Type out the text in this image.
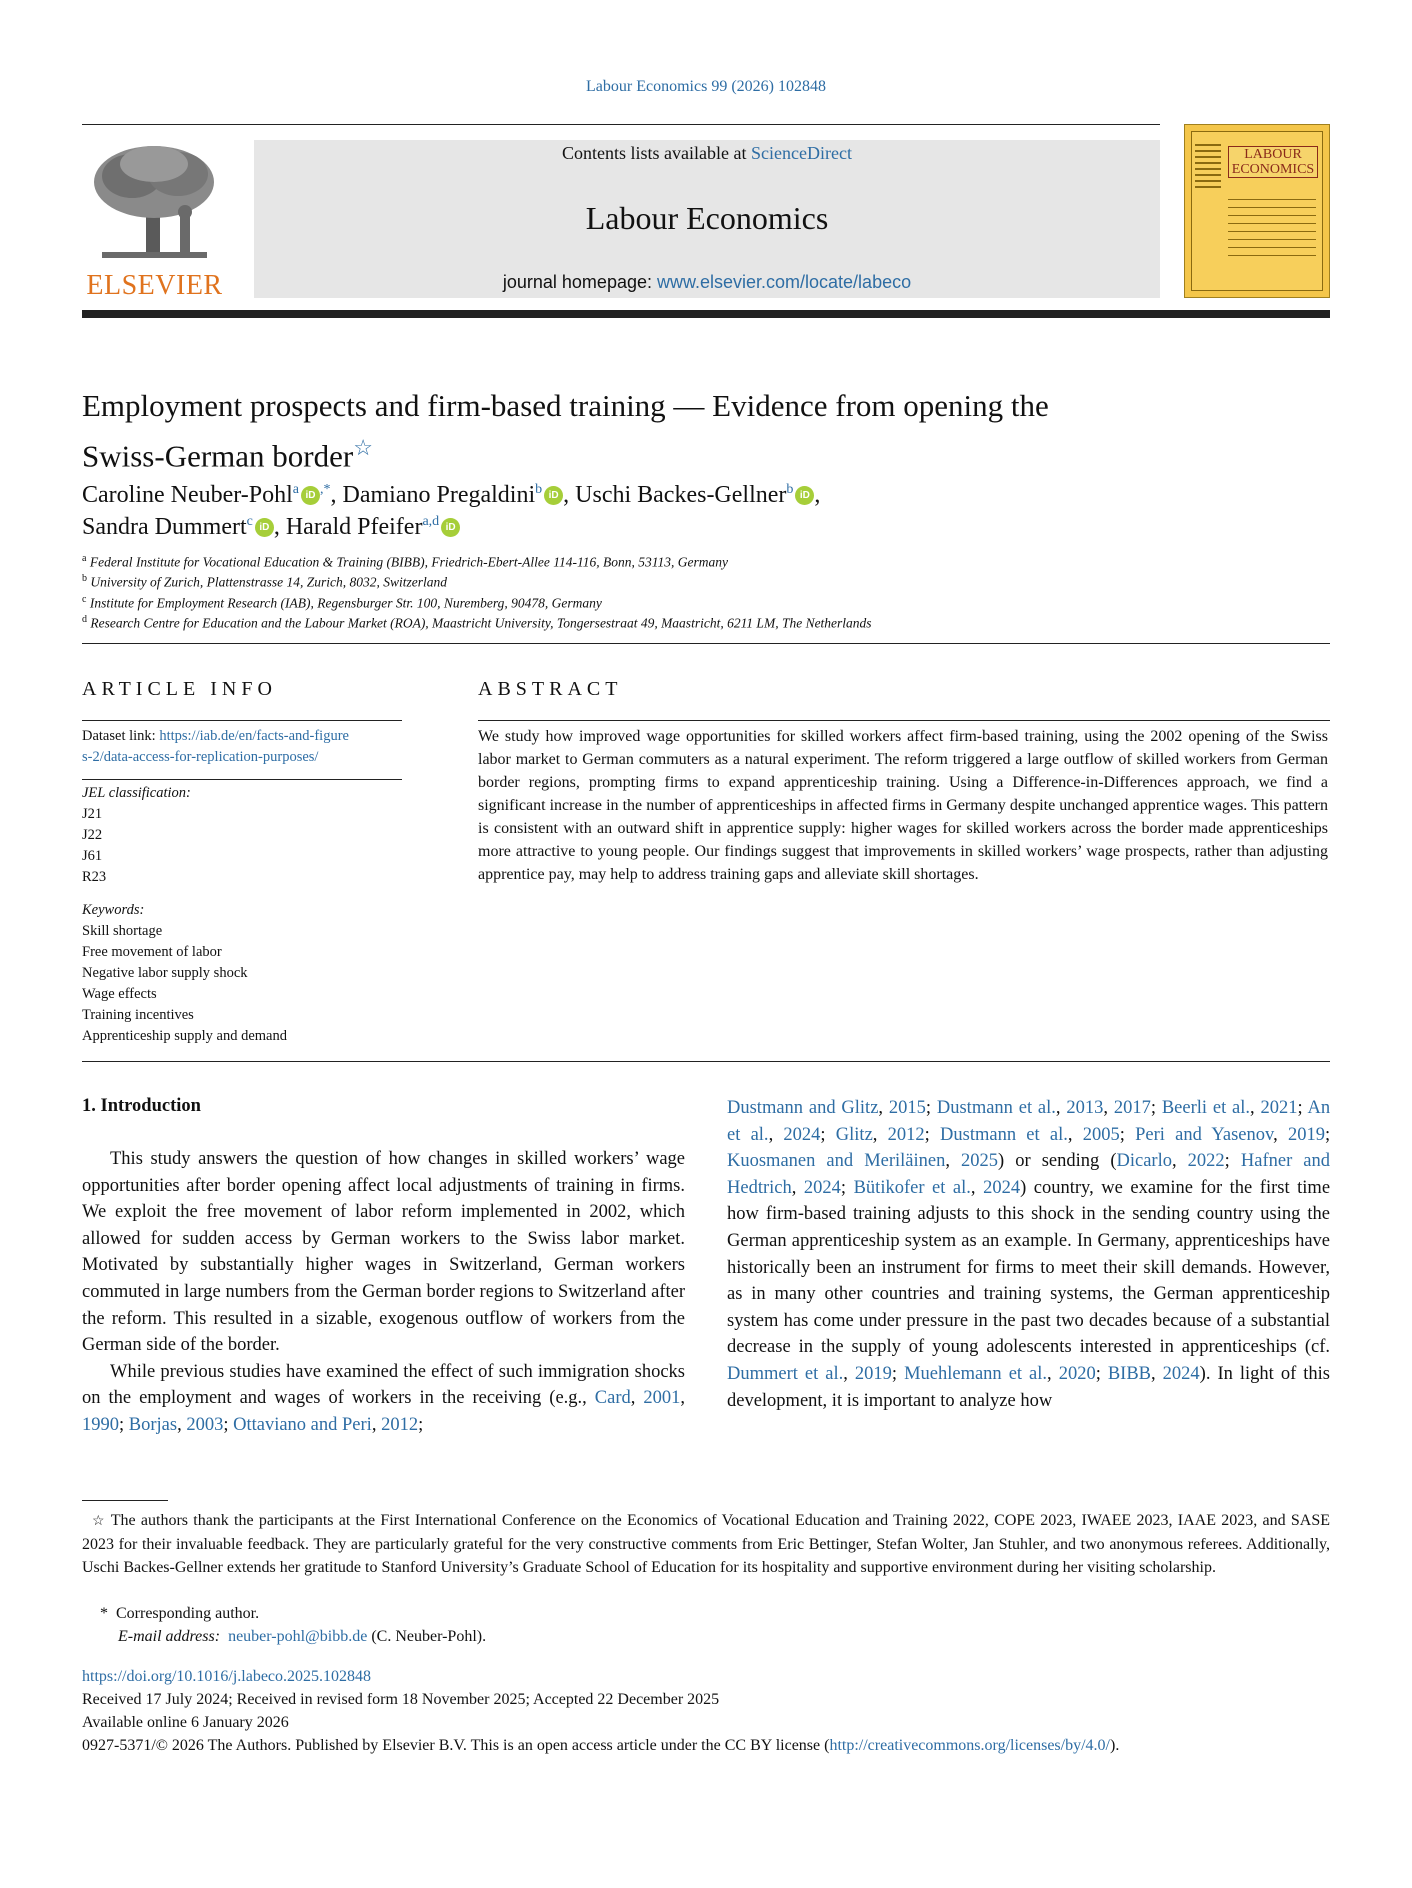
Labour Economics 99 (2026) 102848
ELSEVIER
Contents lists available at ScienceDirect
Labour Economics
journal homepage: www.elsevier.com/locate/labeco
LABOUR
ECONOMICS
Employment prospects and firm-based training — Evidence from opening the
Swiss-German border☆
Caroline Neuber-Pohl$^a$ iD ,*, Damiano Pregaldini$^b$ iD , Uschi Backes-Gellner$^b$ iD ,
Sandra Dummert$^c$ iD , Harald Pfeifer$^{a,d}$ iD
$^a$ Federal Institute for Vocational Education & Training (BIBB), Friedrich-Ebert-Allee 114-116, Bonn, 53113, Germany
$^b$ University of Zurich, Plattenstrasse 14, Zurich, 8032, Switzerland
$^c$ Institute for Employment Research (IAB), Regensburger Str. 100, Nuremberg, 90478, Germany
$^d$ Research Centre for Education and the Labour Market (ROA), Maastricht University, Tongersestraat 49, Maastricht, 6211 LM, The Netherlands
ARTICLE INFO
Dataset link: https://iab.de/en/facts-and-figure
s-2/data-access-for-replication-purposes/
JEL classification:
J21
J22
J61
R23
Keywords:
Skill shortage
Free movement of labor
Negative labor supply shock
Wage effects
Training incentives
Apprenticeship supply and demand
ABSTRACT
We study how improved wage opportunities for skilled workers affect firm-based training, using the 2002 opening of the Swiss labor market to German commuters as a natural experiment. The reform triggered a large outflow of skilled workers from German border regions, prompting firms to expand apprenticeship training. Using a Difference-in-Differences approach, we find a significant increase in the number of apprenticeships in affected firms in Germany despite unchanged apprentice wages. This pattern is consistent with an outward shift in apprentice supply: higher wages for skilled workers across the border made apprenticeships more attractive to young people. Our findings suggest that improvements in skilled workers’ wage prospects, rather than adjusting apprentice pay, may help to address training gaps and alleviate skill shortages.
1. Introduction
This study answers the question of how changes in skilled workers’ wage opportunities after border opening affect local adjustments of training in firms. We exploit the free movement of labor reform implemented in 2002, which allowed for sudden access by German workers to the Swiss labor market. Motivated by substantially higher wages in Switzerland, German workers commuted in large numbers from the German border regions to Switzerland after the reform. This resulted in a sizable, exogenous outflow of workers from the German side of the border.
While previous studies have examined the effect of such immigration shocks on the employment and wages of workers in the receiving (e.g., Card, 2001, 1990; Borjas, 2003; Ottaviano and Peri, 2012;
Dustmann and Glitz, 2015; Dustmann et al., 2013, 2017; Beerli et al., 2021; An et al., 2024; Glitz, 2012; Dustmann et al., 2005; Peri and Yasenov, 2019; Kuosmanen and Meriläinen, 2025) or sending (Dicarlo, 2022; Hafner and Hedtrich, 2024; Bütikofer et al., 2024) country, we examine for the first time how firm-based training adjusts to this shock in the sending country using the German apprenticeship system as an example. In Germany, apprenticeships have historically been an instrument for firms to meet their skill demands. However, as in many other countries and training systems, the German apprenticeship system has come under pressure in the past two decades because of a substantial decrease in the supply of young adolescents interested in apprenticeships (cf. Dummert et al., 2019; Muehlemann et al., 2020; BIBB, 2024). In light of this development, it is important to analyze how
☆ The authors thank the participants at the First International Conference on the Economics of Vocational Education and Training 2022, COPE 2023, IWAEE 2023, IAAE 2023, and SASE 2023 for their invaluable feedback. They are particularly grateful for the very constructive comments from Eric Bettinger, Stefan Wolter, Jan Stuhler, and two anonymous referees. Additionally, Uschi Backes-Gellner extends her gratitude to Stanford University’s Graduate School of Education for its hospitality and supportive environment during her visiting scholarship.
* Corresponding author.
E-mail address: neuber-pohl@bibb.de (C. Neuber-Pohl).
https://doi.org/10.1016/j.labeco.2025.102848
Received 17 July 2024; Received in revised form 18 November 2025; Accepted 22 December 2025
Available online 6 January 2026
0927-5371/© 2026 The Authors. Published by Elsevier B.V. This is an open access article under the CC BY license (http://creativecommons.org/licenses/by/4.0/).
